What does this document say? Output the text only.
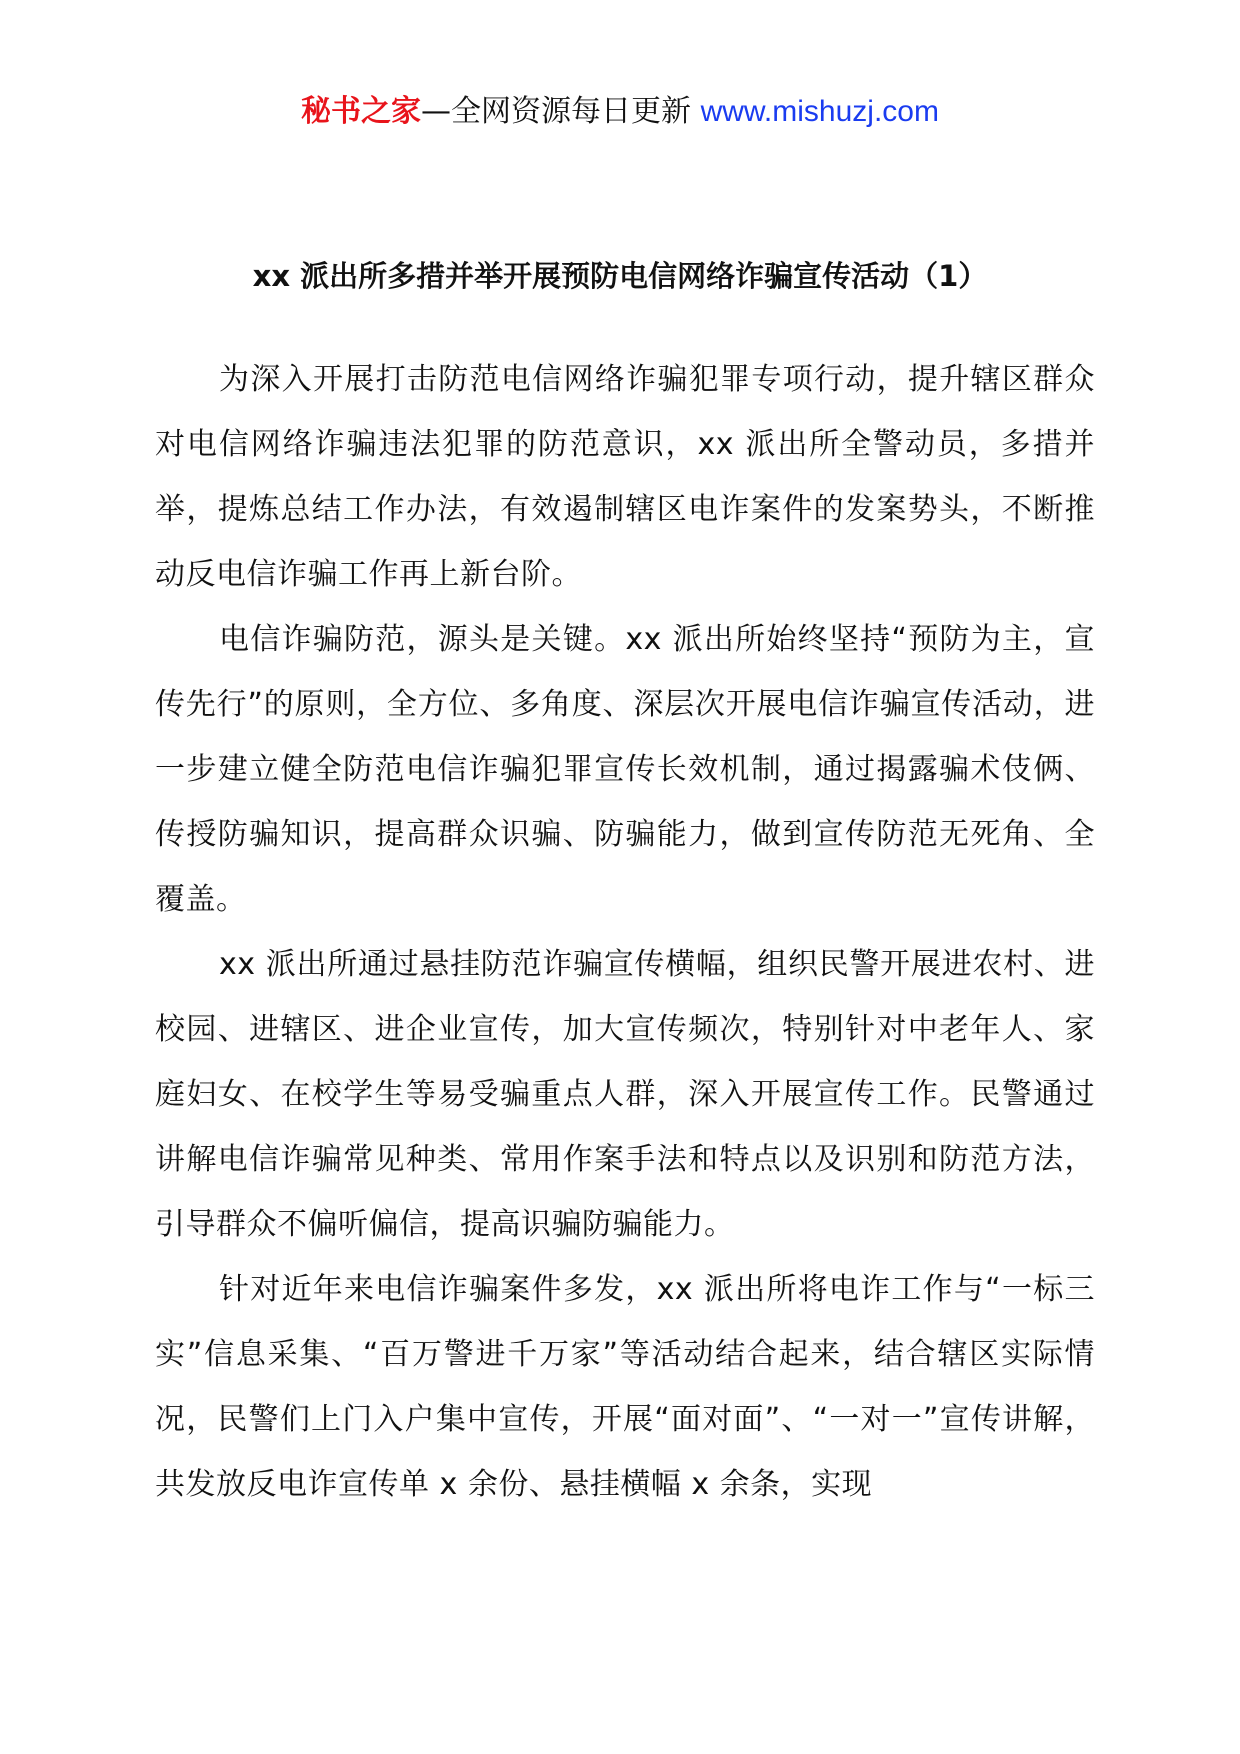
秘书之家—全网资源每日更新 www.mishuzj.com
xx 派出所多措并举开展预防电信网络诈骗宣传活动（1）

为深入开展打击防范电信网络诈骗犯罪专项行动，提升辖区群众对电信网络诈骗违法犯罪的防范意识，xx 派出所全警动员，多措并举，提炼总结工作办法，有效遏制辖区电诈案件的发案势头，不断推动反电信诈骗工作再上新台阶。

电信诈骗防范，源头是关键。xx 派出所始终坚持“预防为主，宣传先行”的原则，全方位、多角度、深层次开展电信诈骗宣传活动，进一步建立健全防范电信诈骗犯罪宣传长效机制，通过揭露骗术伎俩、传授防骗知识，提高群众识骗、防骗能力，做到宣传防范无死角、全覆盖。

xx 派出所通过悬挂防范诈骗宣传横幅，组织民警开展进农村、进校园、进辖区、进企业宣传，加大宣传频次，特别针对中老年人、家庭妇女、在校学生等易受骗重点人群，深入开展宣传工作。民警通过讲解电信诈骗常见种类、常用作案手法和特点以及识别和防范方法，引导群众不偏听偏信，提高识骗防骗能力。

针对近年来电信诈骗案件多发，xx 派出所将电诈工作与“一标三实”信息采集、“百万警进千万家”等活动结合起来，结合辖区实际情况，民警们上门入户集中宣传，开展“面对面”、“一对一”宣传讲解，共发放反电诈宣传单 x 余份、悬挂横幅 x 余条，实现
